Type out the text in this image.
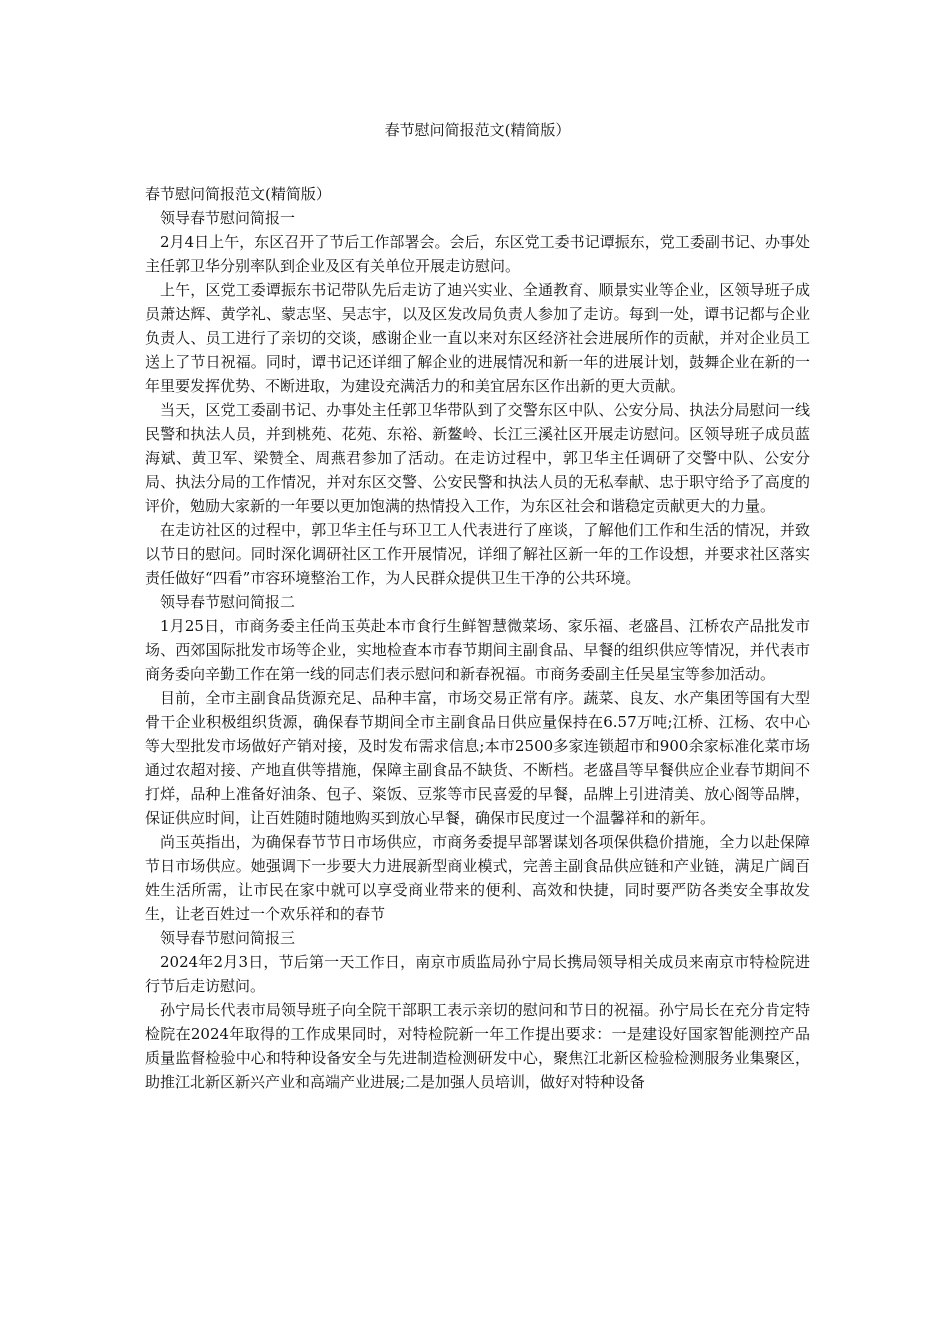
春节慰问简报范文(精简版）

春节慰问简报范文(精简版）

领导春节慰问简报一

2月4日上午，东区召开了节后工作部署会。会后，东区党工委书记谭振东，党工委副书记、办事处主任郭卫华分别率队到企业及区有关单位开展走访慰问。

上午，区党工委谭振东书记带队先后走访了迪兴实业、全通教育、顺景实业等企业，区领导班子成员萧达辉、黄学礼、蒙志坚、吴志宇，以及区发改局负责人参加了走访。每到一处，谭书记都与企业负责人、员工进行了亲切的交谈，感谢企业一直以来对东区经济社会进展所作的贡献，并对企业员工送上了节日祝福。同时，谭书记还详细了解企业的进展情况和新一年的进展计划，鼓舞企业在新的一年里要发挥优势、不断进取，为建设充满活力的和美宜居东区作出新的更大贡献。

当天，区党工委副书记、办事处主任郭卫华带队到了交警东区中队、公安分局、执法分局慰问一线民警和执法人员，并到桃苑、花苑、东裕、新鳌岭、长江三溪社区开展走访慰问。区领导班子成员蓝海斌、黄卫军、梁赞全、周燕君参加了活动。在走访过程中，郭卫华主任调研了交警中队、公安分局、执法分局的工作情况，并对东区交警、公安民警和执法人员的无私奉献、忠于职守给予了高度的评价，勉励大家新的一年要以更加饱满的热情投入工作，为东区社会和谐稳定贡献更大的力量。

在走访社区的过程中，郭卫华主任与环卫工人代表进行了座谈，了解他们工作和生活的情况，并致以节日的慰问。同时深化调研社区工作开展情况，详细了解社区新一年的工作设想，并要求社区落实责任做好“四看”市容环境整治工作，为人民群众提供卫生干净的公共环境。

领导春节慰问简报二

1月25日，市商务委主任尚玉英赴本市食行生鲜智慧微菜场、家乐福、老盛昌、江桥农产品批发市场、西郊国际批发市场等企业，实地检查本市春节期间主副食品、早餐的组织供应等情况，并代表市商务委向辛勤工作在第一线的同志们表示慰问和新春祝福。市商务委副主任吴星宝等参加活动。

目前，全市主副食品货源充足、品种丰富，市场交易正常有序。蔬菜、良友、水产集团等国有大型骨干企业积极组织货源，确保春节期间全市主副食品日供应量保持在6.57万吨;江桥、江杨、农中心等大型批发市场做好产销对接，及时发布需求信息;本市2500多家连锁超市和900余家标准化菜市场通过农超对接、产地直供等措施，保障主副食品不缺货、不断档。老盛昌等早餐供应企业春节期间不打烊，品种上准备好油条、包子、粢饭、豆浆等市民喜爱的早餐，品牌上引进清美、放心阁等品牌，保证供应时间，让百姓随时随地购买到放心早餐，确保市民度过一个温馨祥和的新年。

尚玉英指出，为确保春节节日市场供应，市商务委提早部署谋划各项保供稳价措施，全力以赴保障节日市场供应。她强调下一步要大力进展新型商业模式，完善主副食品供应链和产业链，满足广阔百姓生活所需，让市民在家中就可以享受商业带来的便利、高效和快捷，同时要严防各类安全事故发生，让老百姓过一个欢乐祥和的春节

领导春节慰问简报三

2024年2月3日，节后第一天工作日，南京市质监局孙宁局长携局领导相关成员来南京市特检院进行节后走访慰问。

孙宁局长代表市局领导班子向全院干部职工表示亲切的慰问和节日的祝福。孙宁局长在充分肯定特检院在2024年取得的工作成果同时，对特检院新一年工作提出要求：一是建设好国家智能测控产品质量监督检验中心和特种设备安全与先进制造检测研发中心，聚焦江北新区检验检测服务业集聚区，助推江北新区新兴产业和高端产业进展;二是加强人员培训，做好对特种设备
